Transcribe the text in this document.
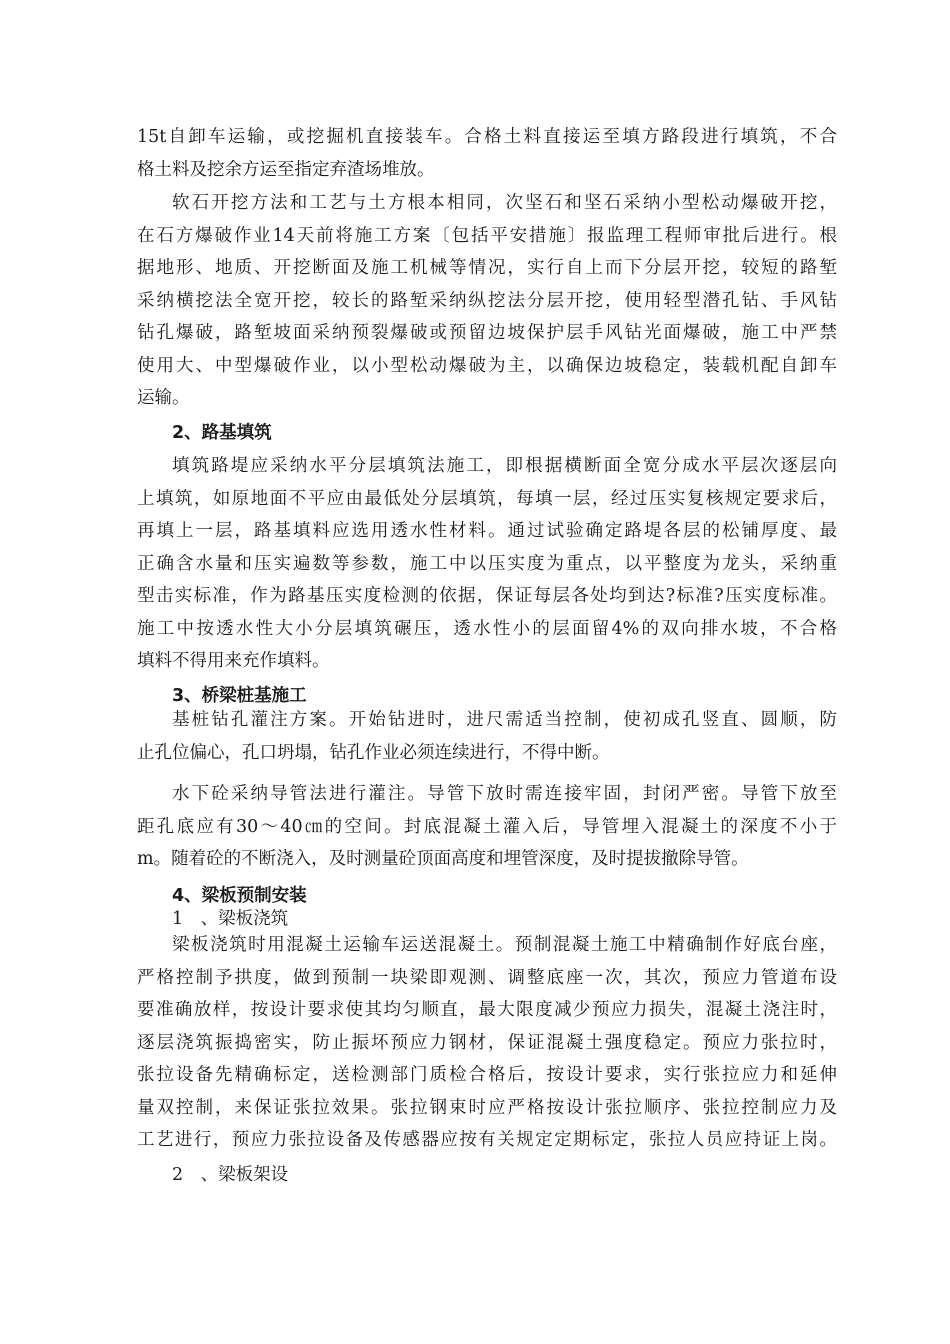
15t自卸车运输，或挖掘机直接装车。合格土料直接运至填方路段进行填筑，不合
格土料及挖余方运至指定弃渣场堆放。
软石开挖方法和工艺与土方根本相同，次坚石和坚石采纳小型松动爆破开挖，
在石方爆破作业14天前将施工方案〔包括平安措施〕报监理工程师审批后进行。根
据地形、地质、开挖断面及施工机械等情况，实行自上而下分层开挖，较短的路堑
采纳横挖法全宽开挖，较长的路堑采纳纵挖法分层开挖，使用轻型潜孔钻、手风钻
钻孔爆破，路堑坡面采纳预裂爆破或预留边坡保护层手风钻光面爆破，施工中严禁
使用大、中型爆破作业，以小型松动爆破为主，以确保边坡稳定，装载机配自卸车
运输。
2、路基填筑
填筑路堤应采纳水平分层填筑法施工，即根据横断面全宽分成水平层次逐层向
上填筑，如原地面不平应由最低处分层填筑，每填一层，经过压实复核规定要求后，
再填上一层，路基填料应选用透水性材料。通过试验确定路堤各层的松铺厚度、最
正确含水量和压实遍数等参数，施工中以压实度为重点，以平整度为龙头，采纳重
型击实标准，作为路基压实度检测的依据，保证每层各处均到达?标准?压实度标准。
施工中按透水性大小分层填筑碾压，透水性小的层面留4%的双向排水坡，不合格
填料不得用来充作填料。
3、桥梁桩基施工
基桩钻孔灌注方案。开始钻进时，进尺需适当控制，使初成孔竖直、圆顺，防
止孔位偏心，孔口坍塌，钻孔作业必须连续进行，不得中断。
水下砼采纳导管法进行灌注。导管下放时需连接牢固，封闭严密。导管下放至
距孔底应有30～40㎝的空间。封底混凝土灌入后，导管埋入混凝土的深度不小于
m。随着砼的不断浇入，及时测量砼顶面高度和埋管深度，及时提拔撤除导管。
4、梁板预制安装
1　、梁板浇筑
梁板浇筑时用混凝土运输车运送混凝土。预制混凝土施工中精确制作好底台座，
严格控制予拱度，做到预制一块梁即观测、调整底座一次，其次，预应力管道布设
要准确放样，按设计要求使其均匀顺直，最大限度减少预应力损失，混凝土浇注时，
逐层浇筑振捣密实，防止振坏预应力钢材，保证混凝土强度稳定。预应力张拉时，
张拉设备先精确标定，送检测部门质检合格后，按设计要求，实行张拉应力和延伸
量双控制，来保证张拉效果。张拉钢束时应严格按设计张拉顺序、张拉控制应力及
工艺进行，预应力张拉设备及传感器应按有关规定定期标定，张拉人员应持证上岗。
2　、梁板架设
